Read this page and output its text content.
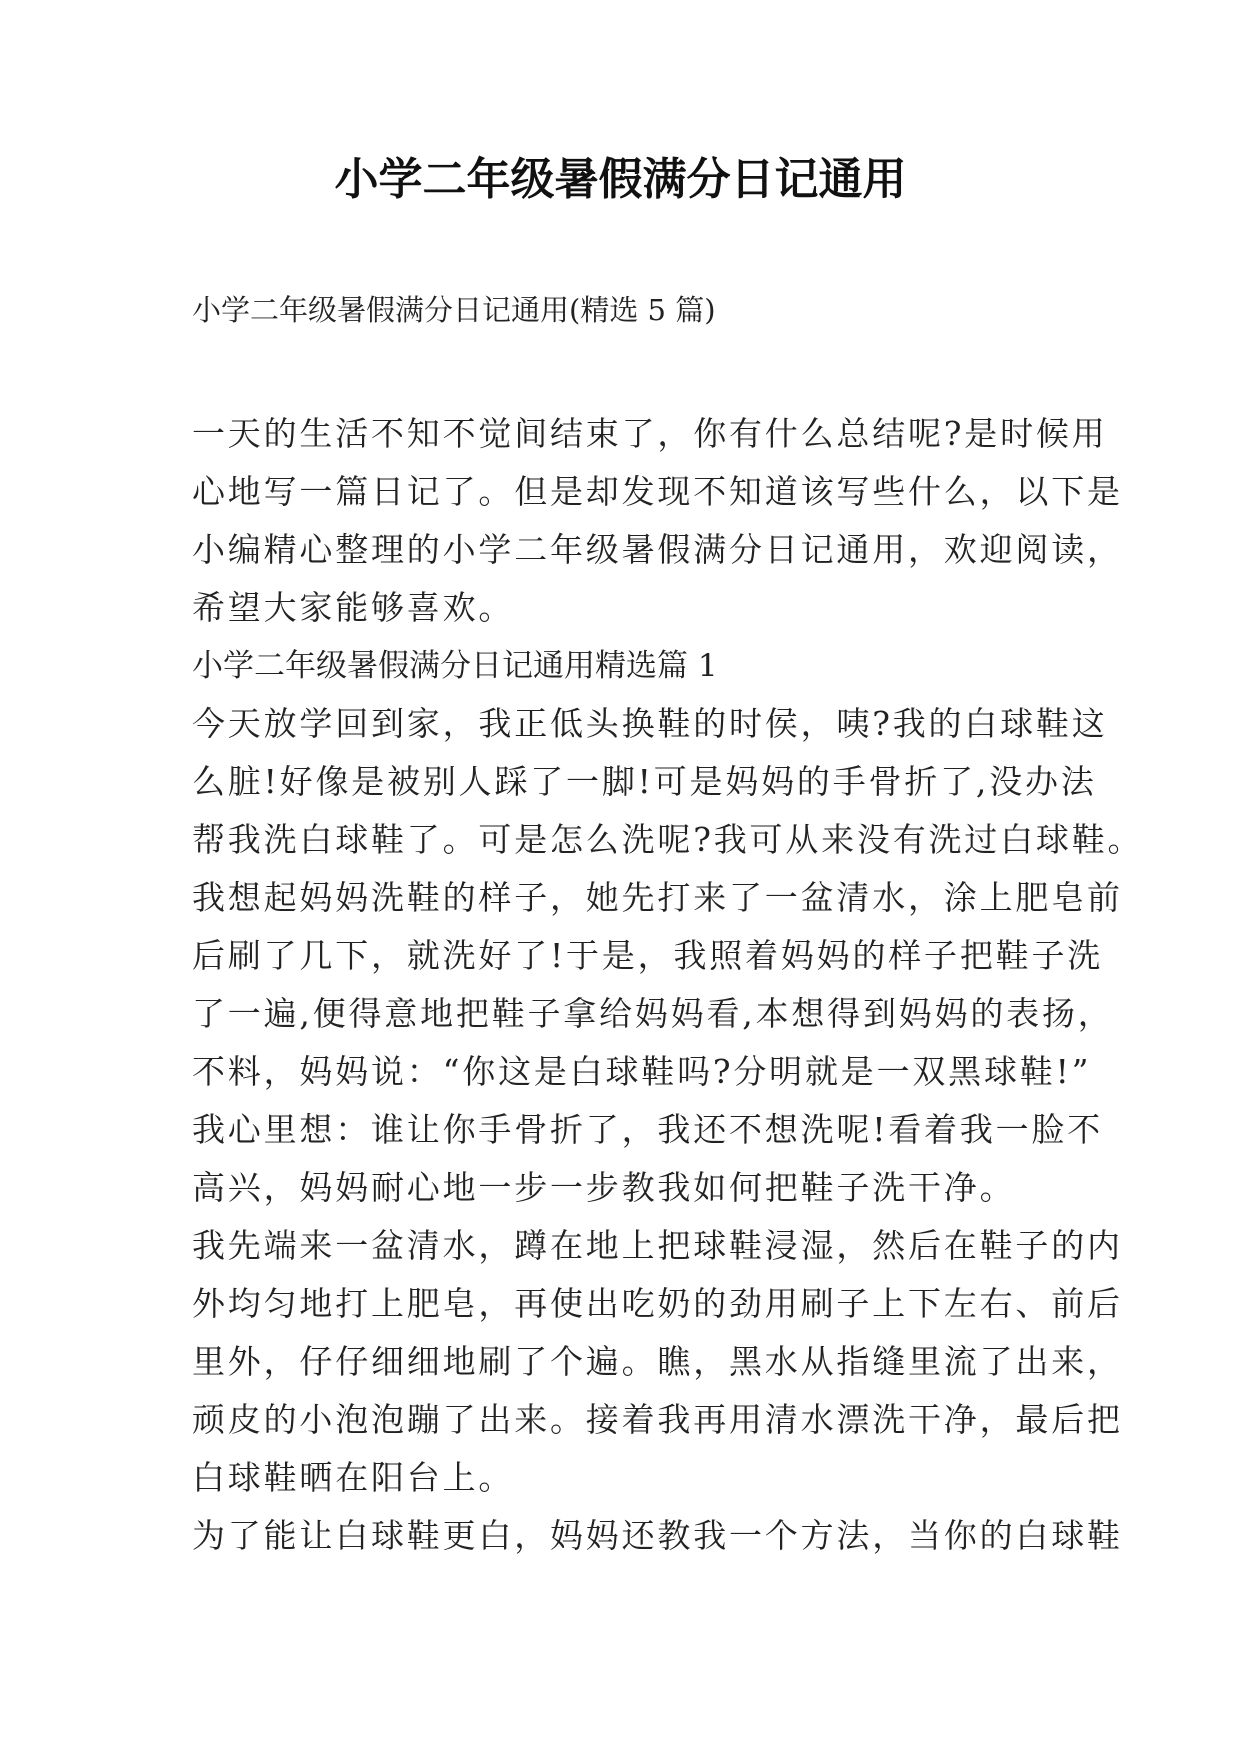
小学二年级暑假满分日记通用

小学二年级暑假满分日记通用(精选 5 篇)

一天的生活不知不觉间结束了，你有什么总结呢?是时候用
心地写一篇日记了。但是却发现不知道该写些什么，以下是
小编精心整理的小学二年级暑假满分日记通用，欢迎阅读，
希望大家能够喜欢。

小学二年级暑假满分日记通用精选篇 1

今天放学回到家，我正低头换鞋的时侯，咦?我的白球鞋这
么脏!好像是被别人踩了一脚!可是妈妈的手骨折了,没办法
帮我洗白球鞋了。可是怎么洗呢?我可从来没有洗过白球鞋。
我想起妈妈洗鞋的样子，她先打来了一盆清水，涂上肥皂前
后刷了几下，就洗好了!于是，我照着妈妈的样子把鞋子洗
了一遍,便得意地把鞋子拿给妈妈看,本想得到妈妈的表扬，
不料，妈妈说：“你这是白球鞋吗?分明就是一双黑球鞋!”
我心里想：谁让你手骨折了，我还不想洗呢!看着我一脸不
高兴，妈妈耐心地一步一步教我如何把鞋子洗干净。

我先端来一盆清水，蹲在地上把球鞋浸湿，然后在鞋子的内
外均匀地打上肥皂，再使出吃奶的劲用刷子上下左右、前后
里外，仔仔细细地刷了个遍。瞧，黑水从指缝里流了出来，
顽皮的小泡泡蹦了出来。接着我再用清水漂洗干净，最后把
白球鞋晒在阳台上。

为了能让白球鞋更白，妈妈还教我一个方法，当你的白球鞋
